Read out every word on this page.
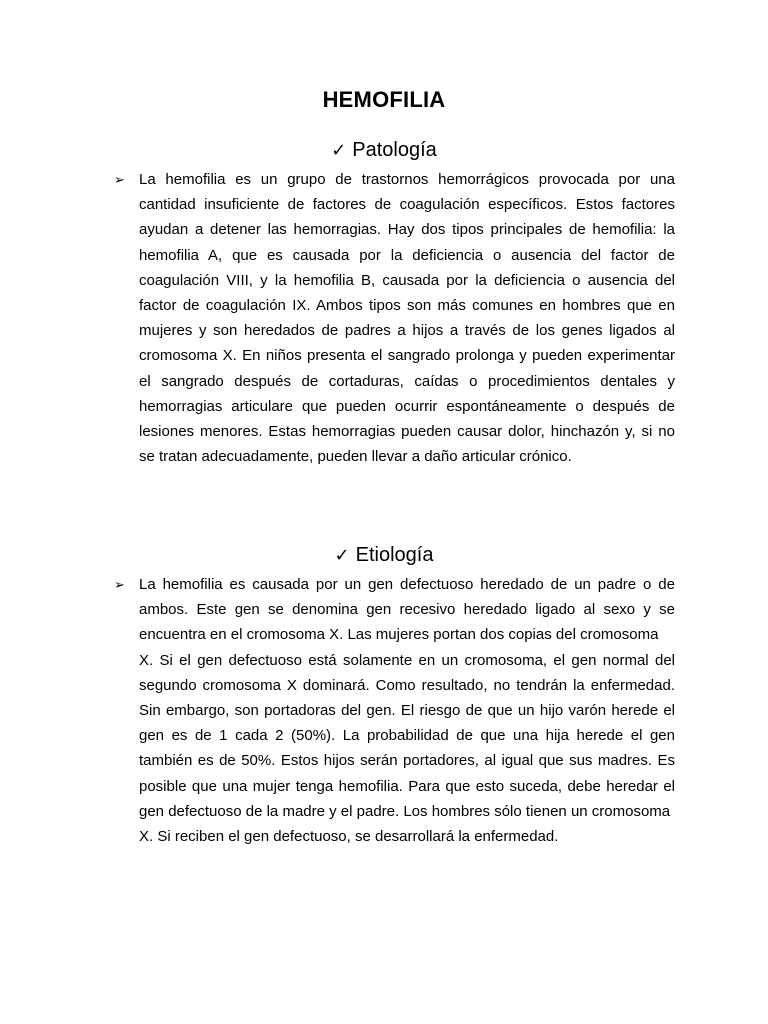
HEMOFILIA
✓ Patología
➢ La hemofilia es un grupo de trastornos hemorrágicos provocada por una cantidad insuficiente de factores de coagulación específicos. Estos factores ayudan a detener las hemorragias. Hay dos tipos principales de hemofilia: la hemofilia A, que es causada por la deficiencia o ausencia del factor de coagulación VIII, y la hemofilia B, causada por la deficiencia o ausencia del factor de coagulación IX. Ambos tipos son más comunes en hombres que en mujeres y son heredados de padres a hijos a través de los genes ligados al cromosoma X. En niños presenta el sangrado prolonga y pueden experimentar el sangrado después de cortaduras, caídas o procedimientos dentales y hemorragias articulare que pueden ocurrir espontáneamente o después de lesiones menores. Estas hemorragias pueden causar dolor, hinchazón y, si no se tratan adecuadamente, pueden llevar a daño articular crónico.

✓ Etiología
➢ La hemofilia es causada por un gen defectuoso heredado de un padre o de ambos. Este gen se denomina gen recesivo heredado ligado al sexo y se encuentra en el cromosoma X. Las mujeres portan dos copias del cromosoma

X. Si el gen defectuoso está solamente en un cromosoma, el gen normal del segundo cromosoma X dominará. Como resultado, no tendrán la enfermedad. Sin embargo, son portadoras del gen. El riesgo de que un hijo varón herede el gen es de 1 cada 2 (50%). La probabilidad de que una hija herede el gen también es de 50%. Estos hijos serán portadores, al igual que sus madres. Es posible que una mujer tenga hemofilia. Para que esto suceda, debe heredar el gen defectuoso de la madre y el padre. Los hombres sólo tienen un cromosoma

X. Si reciben el gen defectuoso, se desarrollará la enfermedad.
